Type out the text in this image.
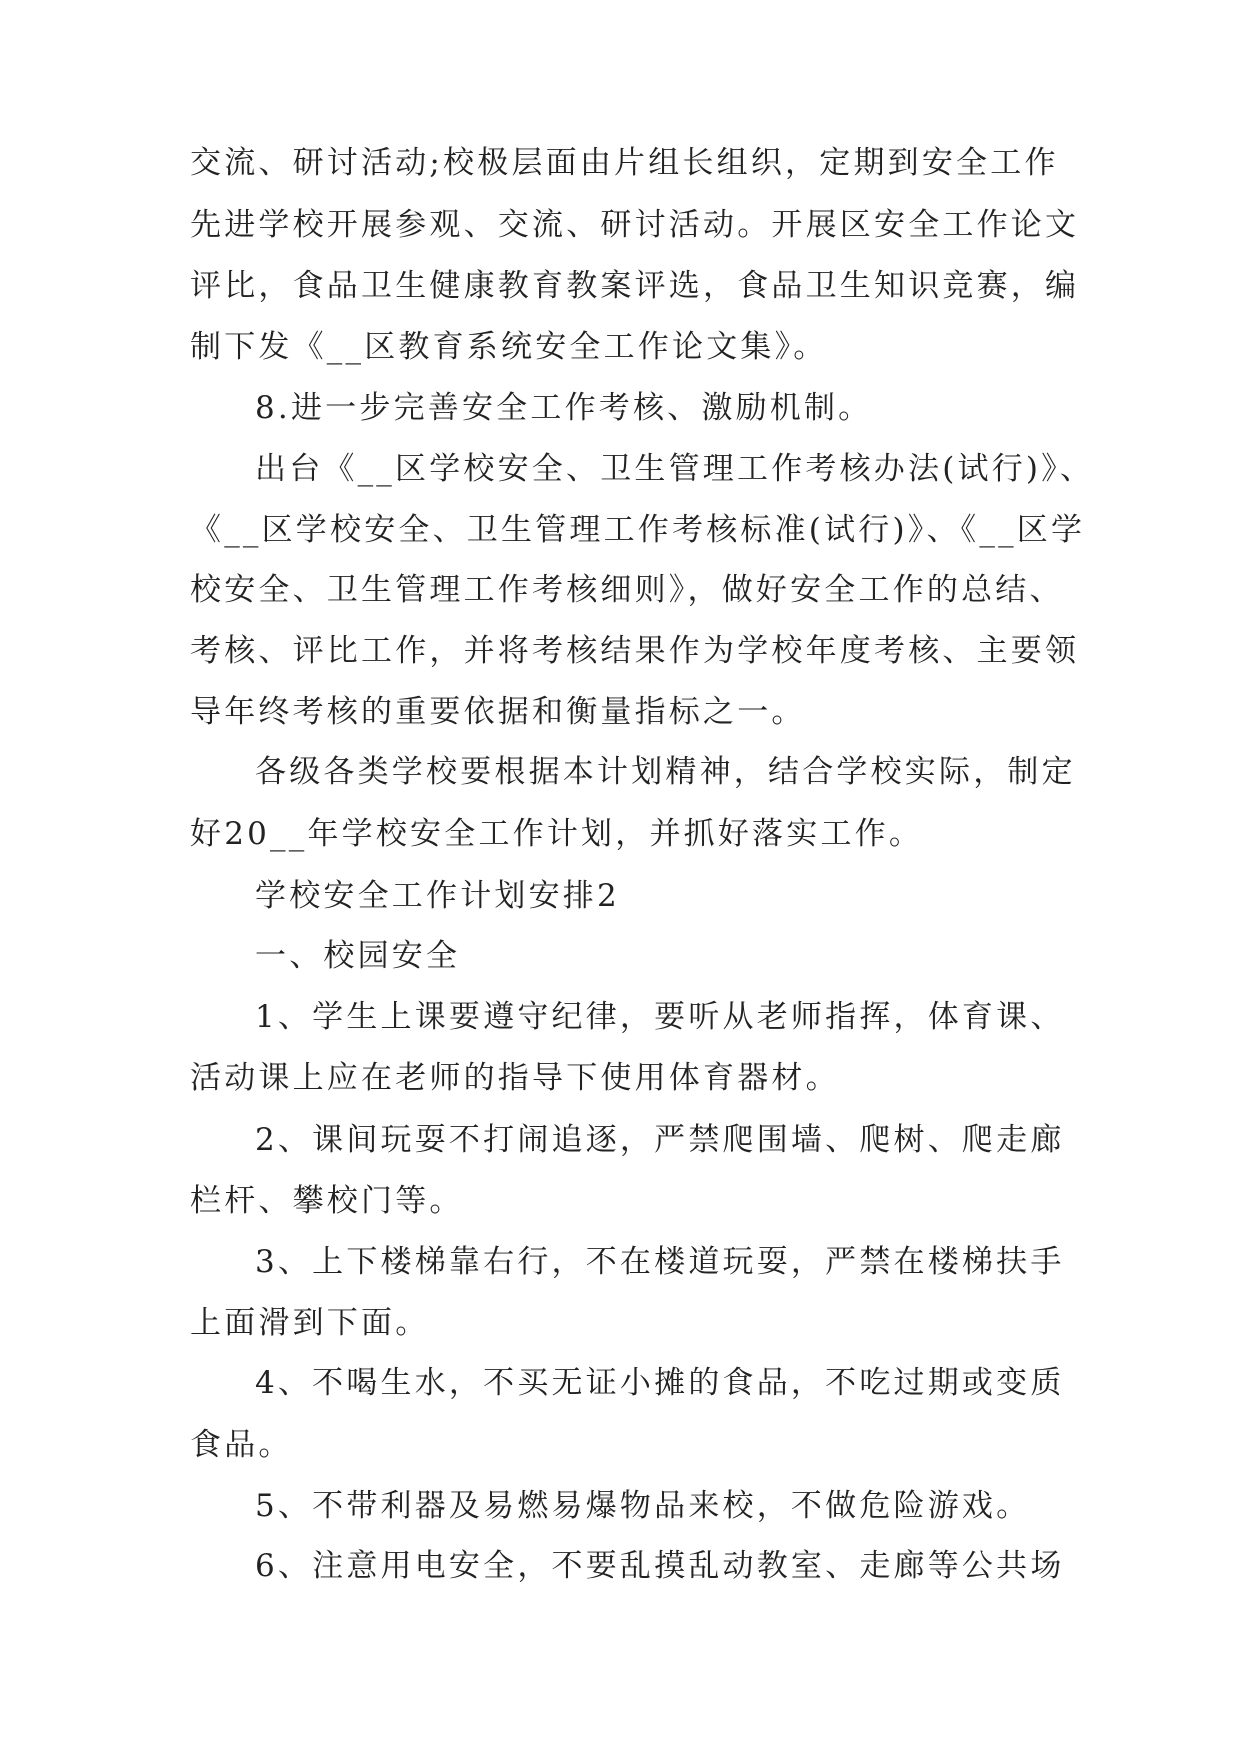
交流、研讨活动;校极层面由片组长组织，定期到安全工作
先进学校开展参观、交流、研讨活动。开展区安全工作论文
评比，食品卫生健康教育教案评选，食品卫生知识竞赛，编
制下发《__区教育系统安全工作论文集》。
8.进一步完善安全工作考核、激励机制。
出台《__区学校安全、卫生管理工作考核办法(试行)》、
《__区学校安全、卫生管理工作考核标准(试行)》、《__区学
校安全、卫生管理工作考核细则》，做好安全工作的总结、
考核、评比工作，并将考核结果作为学校年度考核、主要领
导年终考核的重要依据和衡量指标之一。
各级各类学校要根据本计划精神，结合学校实际，制定
好20__年学校安全工作计划，并抓好落实工作。
学校安全工作计划安排2
一、校园安全
1、学生上课要遵守纪律，要听从老师指挥，体育课、
活动课上应在老师的指导下使用体育器材。
2、课间玩耍不打闹追逐，严禁爬围墙、爬树、爬走廊
栏杆、攀校门等。
3、上下楼梯靠右行，不在楼道玩耍，严禁在楼梯扶手
上面滑到下面。
4、不喝生水，不买无证小摊的食品，不吃过期或变质
食品。
5、不带利器及易燃易爆物品来校，不做危险游戏。
6、注意用电安全，不要乱摸乱动教室、走廊等公共场
